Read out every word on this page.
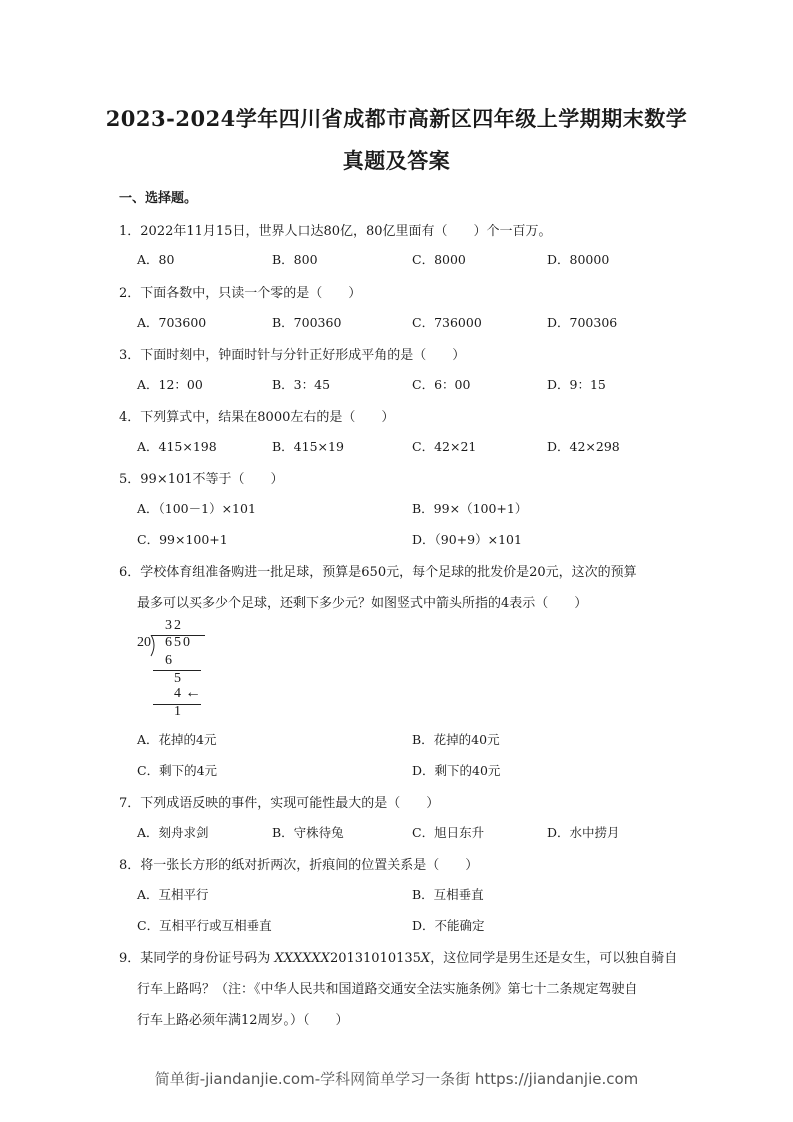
2023-2024学年四川省成都市高新区四年级上学期期末数学
真题及答案
一、选择题。
1．2022年11月15日，世界人口达80亿，80亿里面有（　　）个一百万。
A．80	B．800	C．8000	D．80000
2．下面各数中，只读一个零的是（　　）
A．703600	B．700360	C．736000	D．700306
3．下面时刻中，钟面时针与分针正好形成平角的是（　　）
A．12：00	B．3：45	C．6：00	D．9：15
4．下列算式中，结果在8000左右的是（　　）
A．415×198	B．415×19	C．42×21	D．42×298
5．99×101不等于（　　）
A．（100－1）×101	B．99×（100+1）
C．99×100+1	D．（90+9）×101
6．学校体育组准备购进一批足球，预算是650元，每个足球的批发价是20元，这次的预算
最多可以买多少个足球，还剩下多少元？如图竖式中箭头所指的4表示（　　）
32
20 650
6
5
4 ←
1
A．花掉的4元	B．花掉的40元
C．剩下的4元	D．剩下的40元
7．下列成语反映的事件，实现可能性最大的是（　　）
A．刻舟求剑	B．守株待兔	C．旭日东升	D．水中捞月
8．将一张长方形的纸对折两次，折痕间的位置关系是（　　）
A．互相平行	B．互相垂直
C．互相平行或互相垂直	D．不能确定
9．某同学的身份证号码为 XXXXXX20131010135X，这位同学是男生还是女生，可以独自骑自
行车上路吗？（注：《中华人民共和国道路交通安全法实施条例》第七十二条规定驾驶自
行车上路必须年满12周岁。）（　　）
简单街-jiandanjie.com-学科网简单学习一条街 https://jiandanjie.com
